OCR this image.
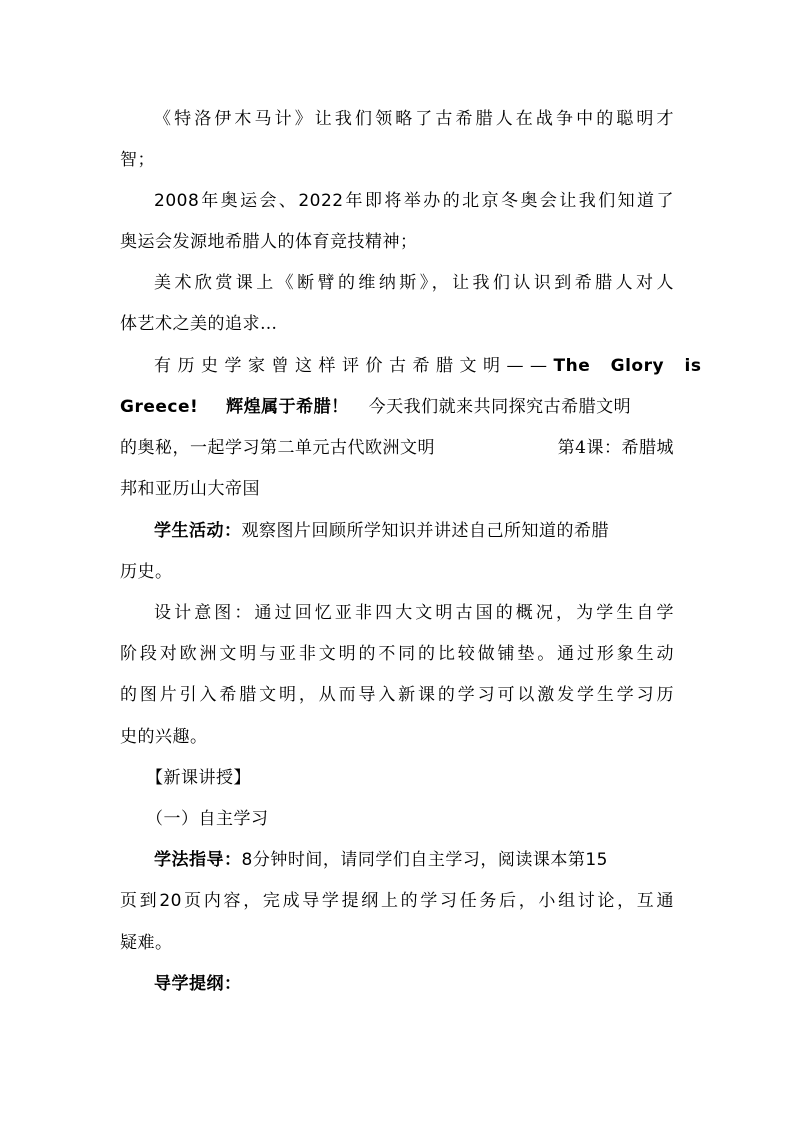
《特洛伊木马计》让我们领略了古希腊人在战争中的聪明才
智；
2008年奥运会、2022年即将举办的北京冬奥会让我们知道了
奥运会发源地希腊人的体育竞技精神；
美术欣赏课上《断臂的维纳斯》，让我们认识到希腊人对人
体艺术之美的追求…
有历史学家曾这样评价古希腊文明—— The Glory is
Greece! 辉煌属于希腊！ 今天我们就来共同探究古希腊文明
的奥秘，一起学习第二单元古代欧洲文明	第4课：希腊城
邦和亚历山大帝国
学生活动：观察图片回顾所学知识并讲述自己所知道的希腊
历史。
设计意图：通过回忆亚非四大文明古国的概况，为学生自学
阶段对欧洲文明与亚非文明的不同的比较做铺垫。通过形象生动
的图片引入希腊文明，从而导入新课的学习可以激发学生学习历
史的兴趣。
【新课讲授】
（一）自主学习
学法指导：8分钟时间，请同学们自主学习，阅读课本第15
页到20页内容，完成导学提纲上的学习任务后，小组讨论，互通
疑难。
导学提纲：
